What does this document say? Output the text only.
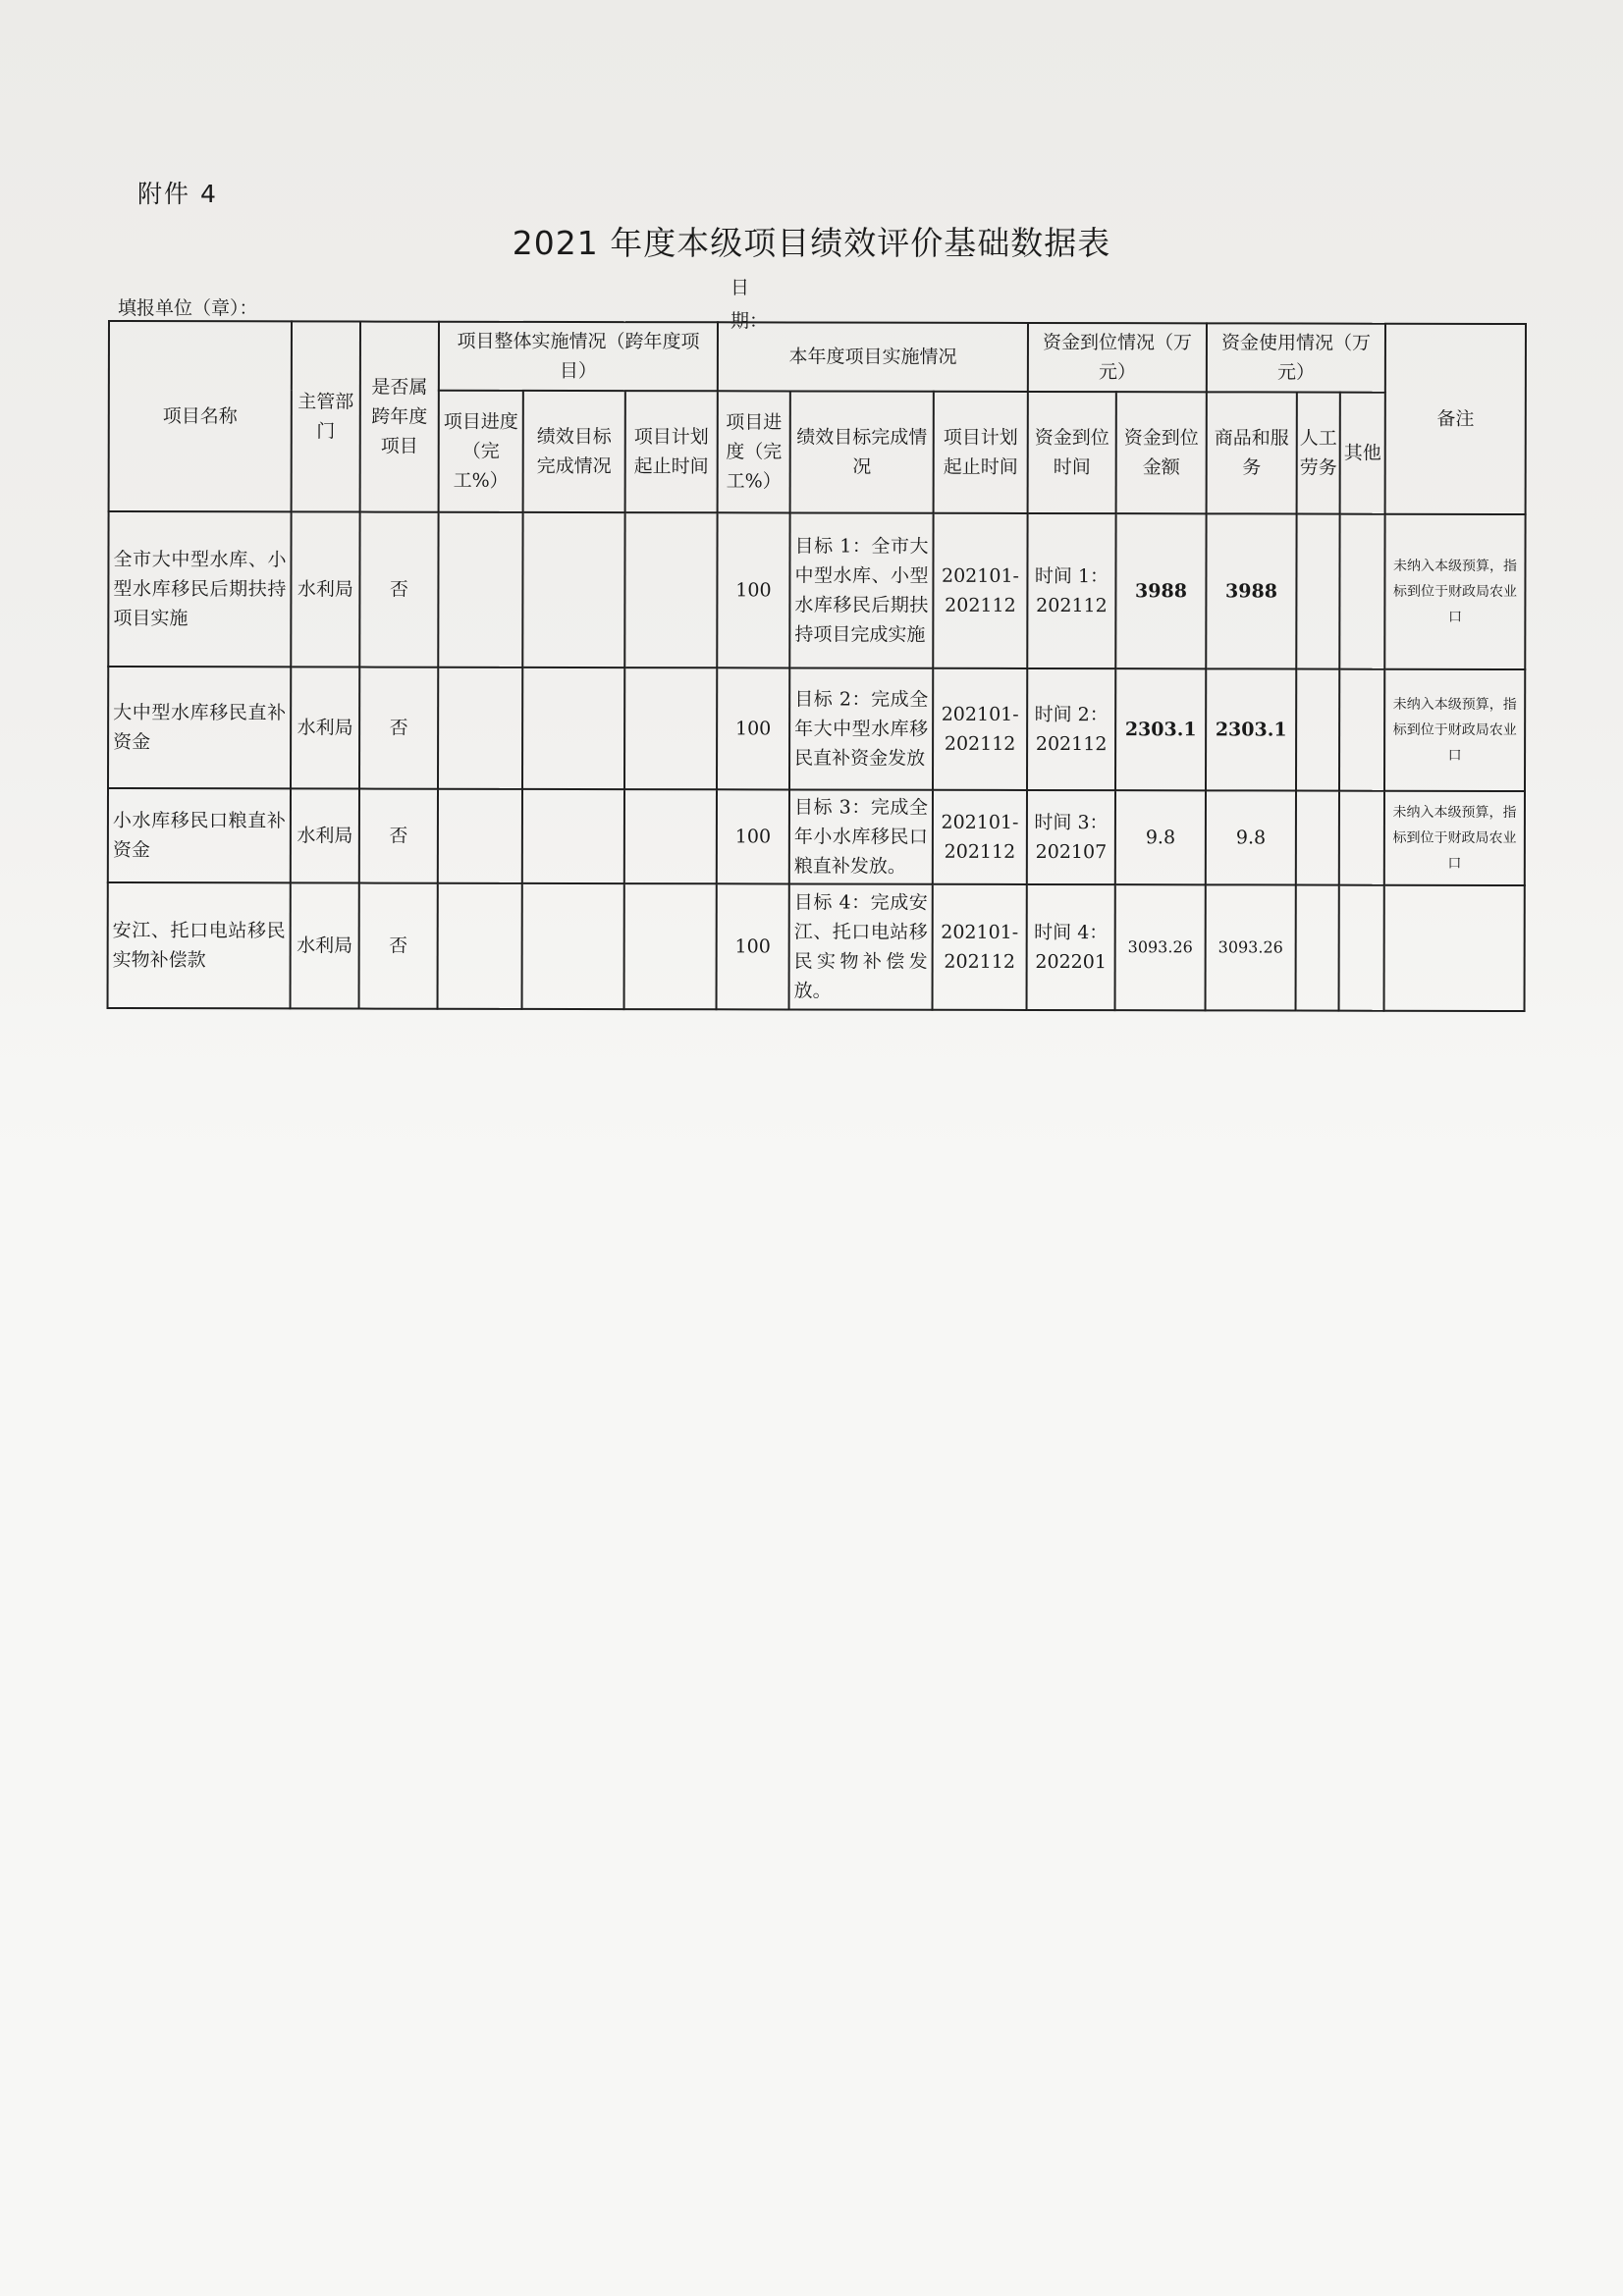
附件 4
2021 年度本级项目绩效评价基础数据表
填报单位（章）：
日期：
项目名称	主管部门	是否属跨年度项目	项目整体实施情况（跨年度项目）			本年度项目实施情况			资金到位情况（万元）		资金使用情况（万元）			备注
			项目进度（完工%）	绩效目标完成情况	项目计划起止时间	项目进度（完工%）	绩效目标完成情况	项目计划起止时间	资金到位时间	资金到位金额	商品和服务	人工劳务	其他	
全市大中型水库、小型水库移民后期扶持项目实施	水利局	否				100	目标 1：全市大中型水库、小型水库移民后期扶持项目完成实施	202101-202112	时间 1：202112	3988	3988			未纳入本级预算，指标到位于财政局农业口
大中型水库移民直补资金	水利局	否				100	目标 2：完成全年大中型水库移民直补资金发放	202101-202112	时间 2：202112	2303.1	2303.1			未纳入本级预算，指标到位于财政局农业口
小水库移民口粮直补资金	水利局	否				100	目标 3：完成全年小水库移民口粮直补发放。	202101-202112	时间 3：202107	9.8	9.8			未纳入本级预算，指标到位于财政局农业口
安江、托口电站移民实物补偿款	水利局	否				100	目标 4：完成安江、托口电站移民实物补偿发放。	202101-202112	时间 4：202201	3093.26	3093.26			
